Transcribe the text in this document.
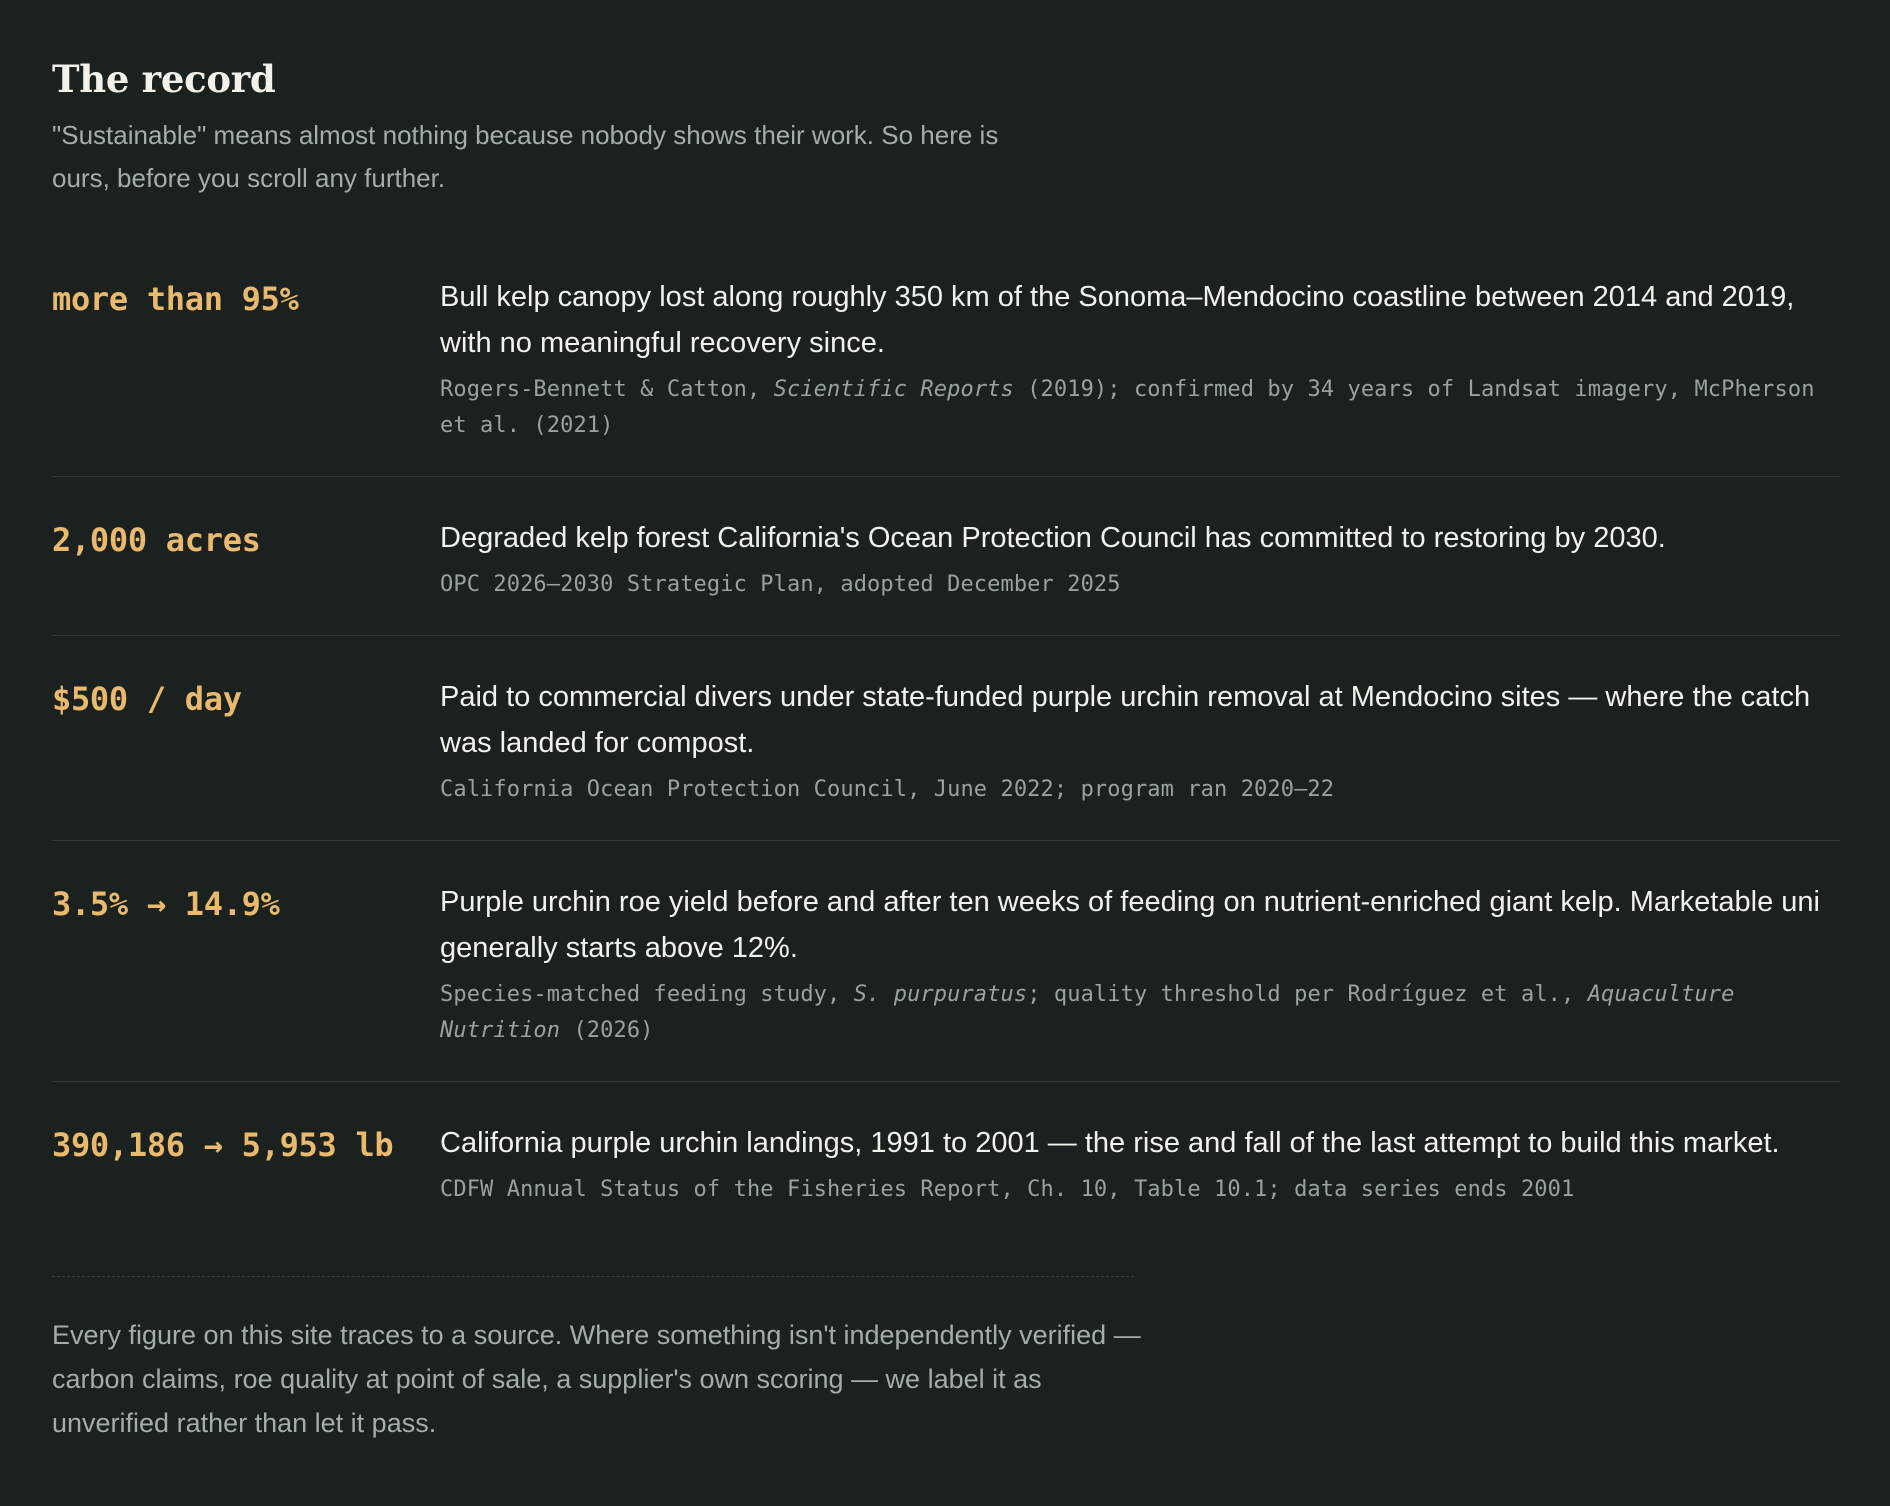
The record

"Sustainable" means almost nothing because nobody shows their work. So here is ours, before you scroll any further.

more than 95%	Bull kelp canopy lost along roughly 350 km of the Sonoma–Mendocino coastline between 2014 and 2019, with no meaningful recovery since.

Rogers-Bennett & Catton, Scientific Reports (2019); confirmed by 34 years of Landsat imagery, McPherson et al. (2021)

2,000 acres	Degraded kelp forest California's Ocean Protection Council has committed to restoring by 2030.

OPC 2026–2030 Strategic Plan, adopted December 2025

$500 / day	Paid to commercial divers under state-funded purple urchin removal at Mendocino sites — where the catch was landed for compost.

California Ocean Protection Council, June 2022; program ran 2020–22

3.5% → 14.9%	Purple urchin roe yield before and after ten weeks of feeding on nutrient-enriched giant kelp. Marketable uni generally starts above 12%.

Species-matched feeding study, S. purpuratus; quality threshold per Rodríguez et al., Aquaculture Nutrition (2026)

390,186 → 5,953 lb	California purple urchin landings, 1991 to 2001 — the rise and fall of the last attempt to build this market.

CDFW Annual Status of the Fisheries Report, Ch. 10, Table 10.1; data series ends 2001

Every figure on this site traces to a source. Where something isn't independently verified — carbon claims, roe quality at point of sale, a supplier's own scoring — we label it as unverified rather than let it pass.
